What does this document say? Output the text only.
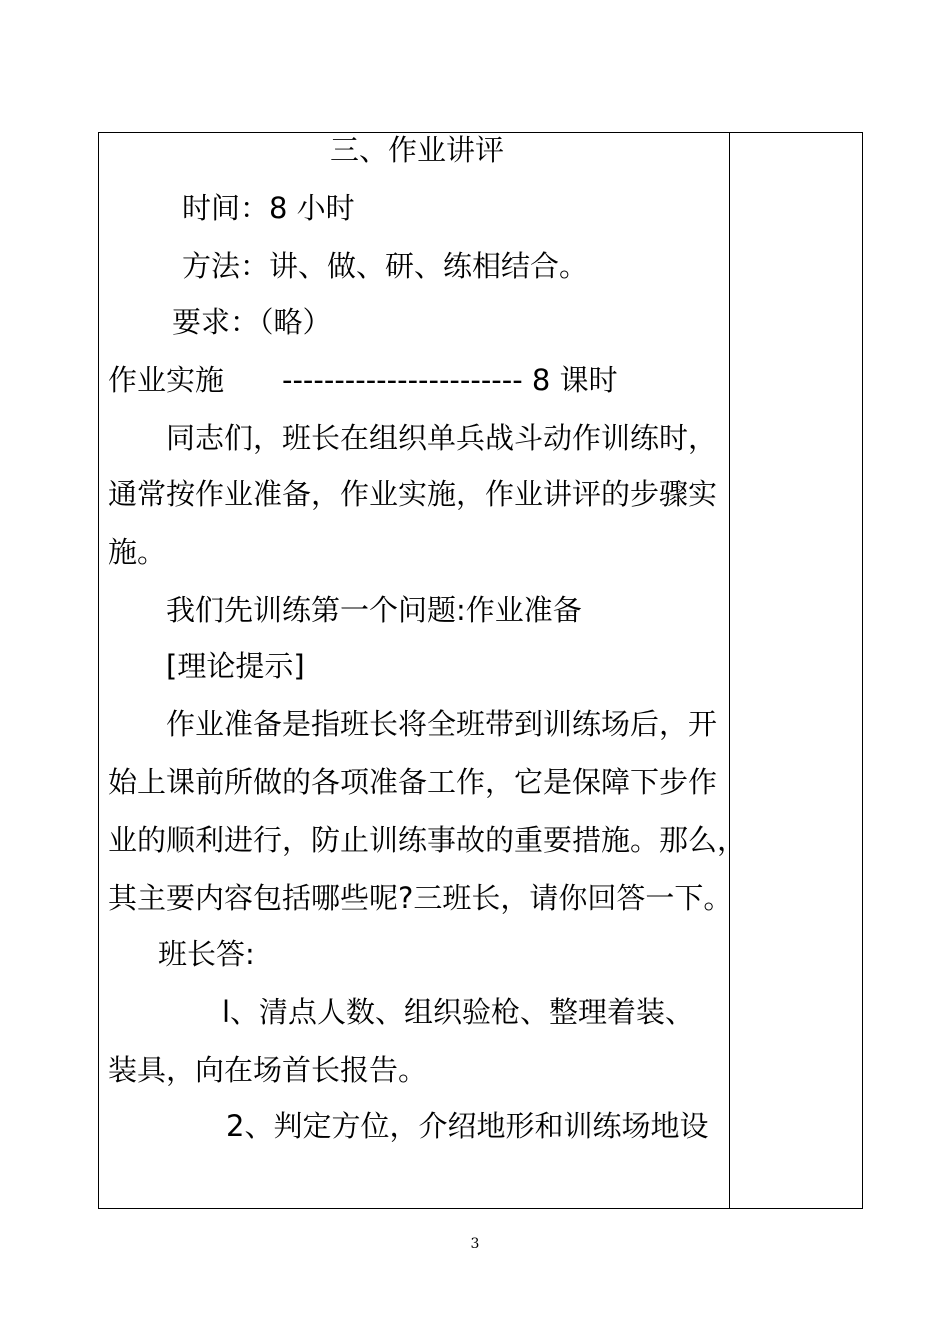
三、作业讲评
时间：8 小时
方法：讲、做、研、练相结合。
要求：（略）
作业实施　　----------------------- 8 课时
同志们，班长在组织单兵战斗动作训练时，
通常按作业准备，作业实施，作业讲评的步骤实
施。
我们先训练第一个问题:作业准备
[理论提示]
作业准备是指班长将全班带到训练场后，开
始上课前所做的各项准备工作，它是保障下步作
业的顺利进行，防止训练事故的重要措施。那么，
其主要内容包括哪些呢?三班长，请你回答一下。
班长答:
l、清点人数、组织验枪、整理着装、
装具，向在场首长报告。
2、判定方位，介绍地形和训练场地设
3
